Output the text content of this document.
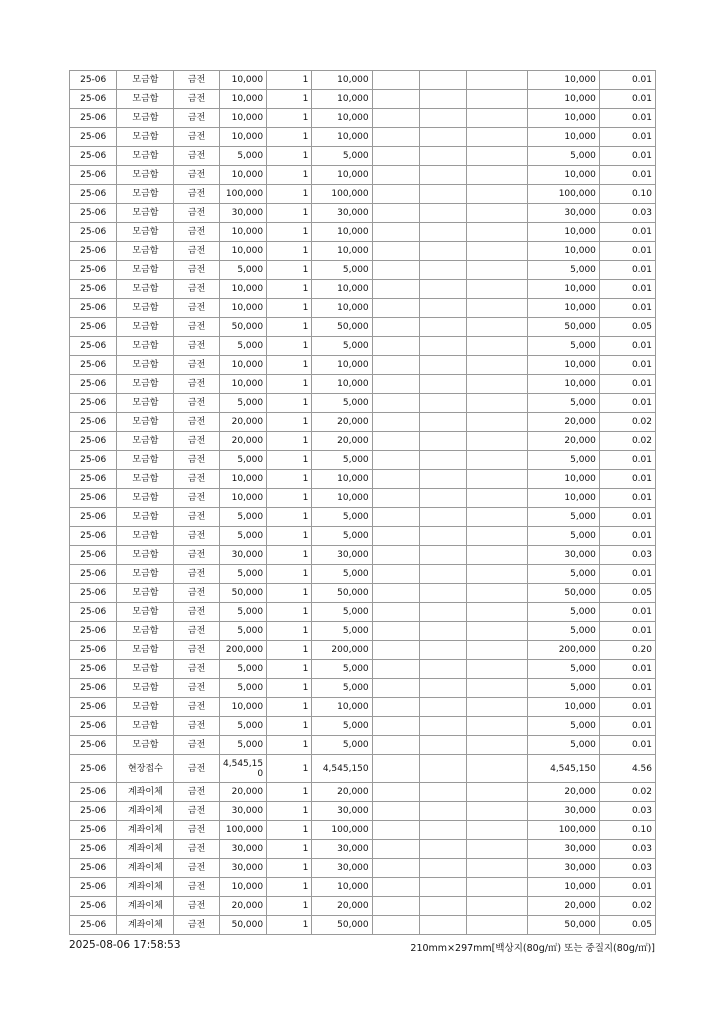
25-06	모금함	금전	10,000	1	10,000				10,000	0.01
25-06	모금함	금전	10,000	1	10,000				10,000	0.01
25-06	모금함	금전	10,000	1	10,000				10,000	0.01
25-06	모금함	금전	10,000	1	10,000				10,000	0.01
25-06	모금함	금전	5,000	1	5,000				5,000	0.01
25-06	모금함	금전	10,000	1	10,000				10,000	0.01
25-06	모금함	금전	100,000	1	100,000				100,000	0.10
25-06	모금함	금전	30,000	1	30,000				30,000	0.03
25-06	모금함	금전	10,000	1	10,000				10,000	0.01
25-06	모금함	금전	10,000	1	10,000				10,000	0.01
25-06	모금함	금전	5,000	1	5,000				5,000	0.01
25-06	모금함	금전	10,000	1	10,000				10,000	0.01
25-06	모금함	금전	10,000	1	10,000				10,000	0.01
25-06	모금함	금전	50,000	1	50,000				50,000	0.05
25-06	모금함	금전	5,000	1	5,000				5,000	0.01
25-06	모금함	금전	10,000	1	10,000				10,000	0.01
25-06	모금함	금전	10,000	1	10,000				10,000	0.01
25-06	모금함	금전	5,000	1	5,000				5,000	0.01
25-06	모금함	금전	20,000	1	20,000				20,000	0.02
25-06	모금함	금전	20,000	1	20,000				20,000	0.02
25-06	모금함	금전	5,000	1	5,000				5,000	0.01
25-06	모금함	금전	10,000	1	10,000				10,000	0.01
25-06	모금함	금전	10,000	1	10,000				10,000	0.01
25-06	모금함	금전	5,000	1	5,000				5,000	0.01
25-06	모금함	금전	5,000	1	5,000				5,000	0.01
25-06	모금함	금전	30,000	1	30,000				30,000	0.03
25-06	모금함	금전	5,000	1	5,000				5,000	0.01
25-06	모금함	금전	50,000	1	50,000				50,000	0.05
25-06	모금함	금전	5,000	1	5,000				5,000	0.01
25-06	모금함	금전	5,000	1	5,000				5,000	0.01
25-06	모금함	금전	200,000	1	200,000				200,000	0.20
25-06	모금함	금전	5,000	1	5,000				5,000	0.01
25-06	모금함	금전	5,000	1	5,000				5,000	0.01
25-06	모금함	금전	10,000	1	10,000				10,000	0.01
25-06	모금함	금전	5,000	1	5,000				5,000	0.01
25-06	모금함	금전	5,000	1	5,000				5,000	0.01
25-06	현장접수	금전	4,545,150	1	4,545,150				4,545,150	4.56
25-06	계좌이체	금전	20,000	1	20,000				20,000	0.02
25-06	계좌이체	금전	30,000	1	30,000				30,000	0.03
25-06	계좌이체	금전	100,000	1	100,000				100,000	0.10
25-06	계좌이체	금전	30,000	1	30,000				30,000	0.03
25-06	계좌이체	금전	30,000	1	30,000				30,000	0.03
25-06	계좌이체	금전	10,000	1	10,000				10,000	0.01
25-06	계좌이체	금전	20,000	1	20,000				20,000	0.02
25-06	계좌이체	금전	50,000	1	50,000				50,000	0.05
2025-08-06 17:58:53	210mm×297mm[백상지(80g/㎡) 또는 중질지(80g/㎡)]
